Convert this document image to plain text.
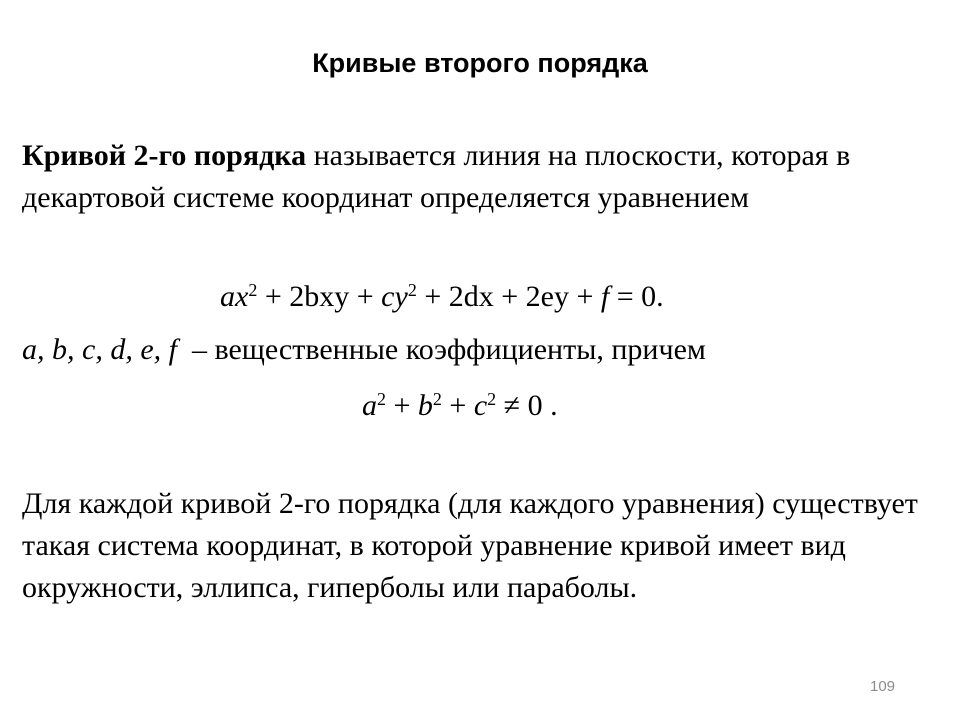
Кривые второго порядка
Кривой 2-го порядка называется линия на плоскости, которая в декартовой системе координат определяется уравнением
$ax^2 + 2bxy + cy^2 + 2dx + 2ey + f = 0$.
a, b, c, d, e, f – вещественные коэффициенты, причем
$a^2 + b^2 + c^2 \ne 0$ .
Для каждой кривой 2-го порядка (для каждого уравнения) существует такая система координат, в которой уравнение кривой имеет вид окружности, эллипса, гиперболы или параболы.
109
